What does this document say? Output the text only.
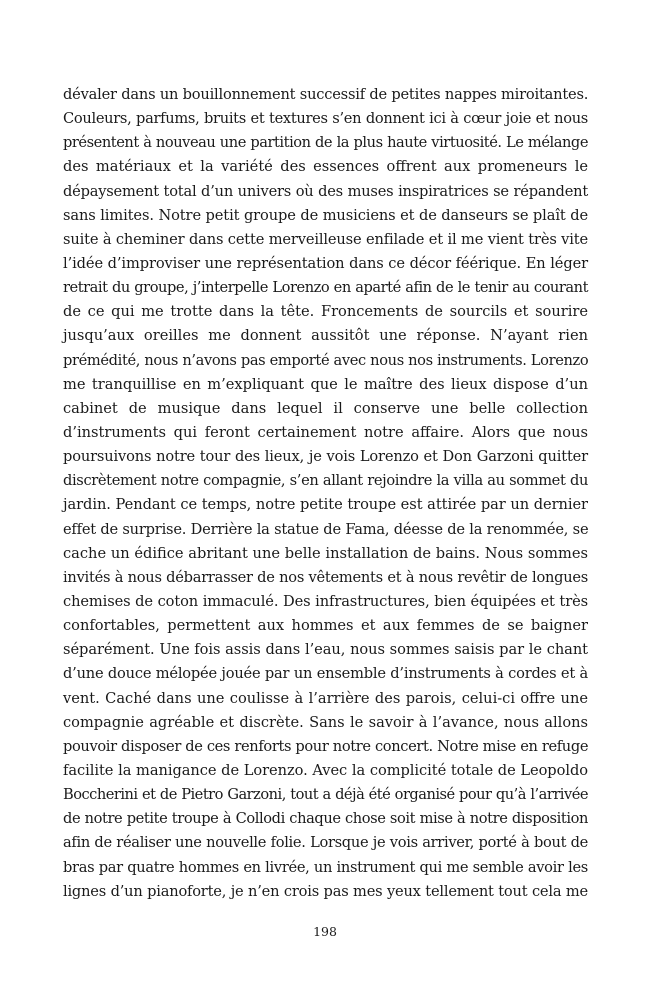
dévaler dans un bouillonnement successif de petites nappes miroitantes.
Couleurs, parfums, bruits et textures s’en donnent ici à cœur joie et nous
présentent à nouveau une partition de la plus haute virtuosité. Le mélange
des matériaux et la variété des essences offrent aux promeneurs le
dépaysement total d’un univers où des muses inspiratrices se répandent
sans limites. Notre petit groupe de musiciens et de danseurs se plaît de
suite à cheminer dans cette merveilleuse enfilade et il me vient très vite
l’idée d’improviser une représentation dans ce décor féérique. En léger
retrait du groupe, j’interpelle Lorenzo en aparté afin de le tenir au courant
de ce qui me trotte dans la tête. Froncements de sourcils et sourire
jusqu’aux oreilles me donnent aussitôt une réponse. N’ayant rien
prémédité, nous n’avons pas emporté avec nous nos instruments. Lorenzo
me tranquillise en m’expliquant que le maître des lieux dispose d’un
cabinet de musique dans lequel il conserve une belle collection
d’instruments qui feront certainement notre affaire. Alors que nous
poursuivons notre tour des lieux, je vois Lorenzo et Don Garzoni quitter
discrètement notre compagnie, s’en allant rejoindre la villa au sommet du
jardin. Pendant ce temps, notre petite troupe est attirée par un dernier
effet de surprise. Derrière la statue de Fama, déesse de la renommée, se
cache un édifice abritant une belle installation de bains. Nous sommes
invités à nous débarrasser de nos vêtements et à nous revêtir de longues
chemises de coton immaculé. Des infrastructures, bien équipées et très
confortables, permettent aux hommes et aux femmes de se baigner
séparément. Une fois assis dans l’eau, nous sommes saisis par le chant
d’une douce mélopée jouée par un ensemble d’instruments à cordes et à
vent. Caché dans une coulisse à l’arrière des parois, celui-ci offre une
compagnie agréable et discrète. Sans le savoir à l’avance, nous allons
pouvoir disposer de ces renforts pour notre concert. Notre mise en refuge
facilite la manigance de Lorenzo. Avec la complicité totale de Leopoldo
Boccherini et de Pietro Garzoni, tout a déjà été organisé pour qu’à l’arrivée
de notre petite troupe à Collodi chaque chose soit mise à notre disposition
afin de réaliser une nouvelle folie. Lorsque je vois arriver, porté à bout de
bras par quatre hommes en livrée, un instrument qui me semble avoir les
lignes d’un pianoforte, je n’en crois pas mes yeux tellement tout cela me
198
